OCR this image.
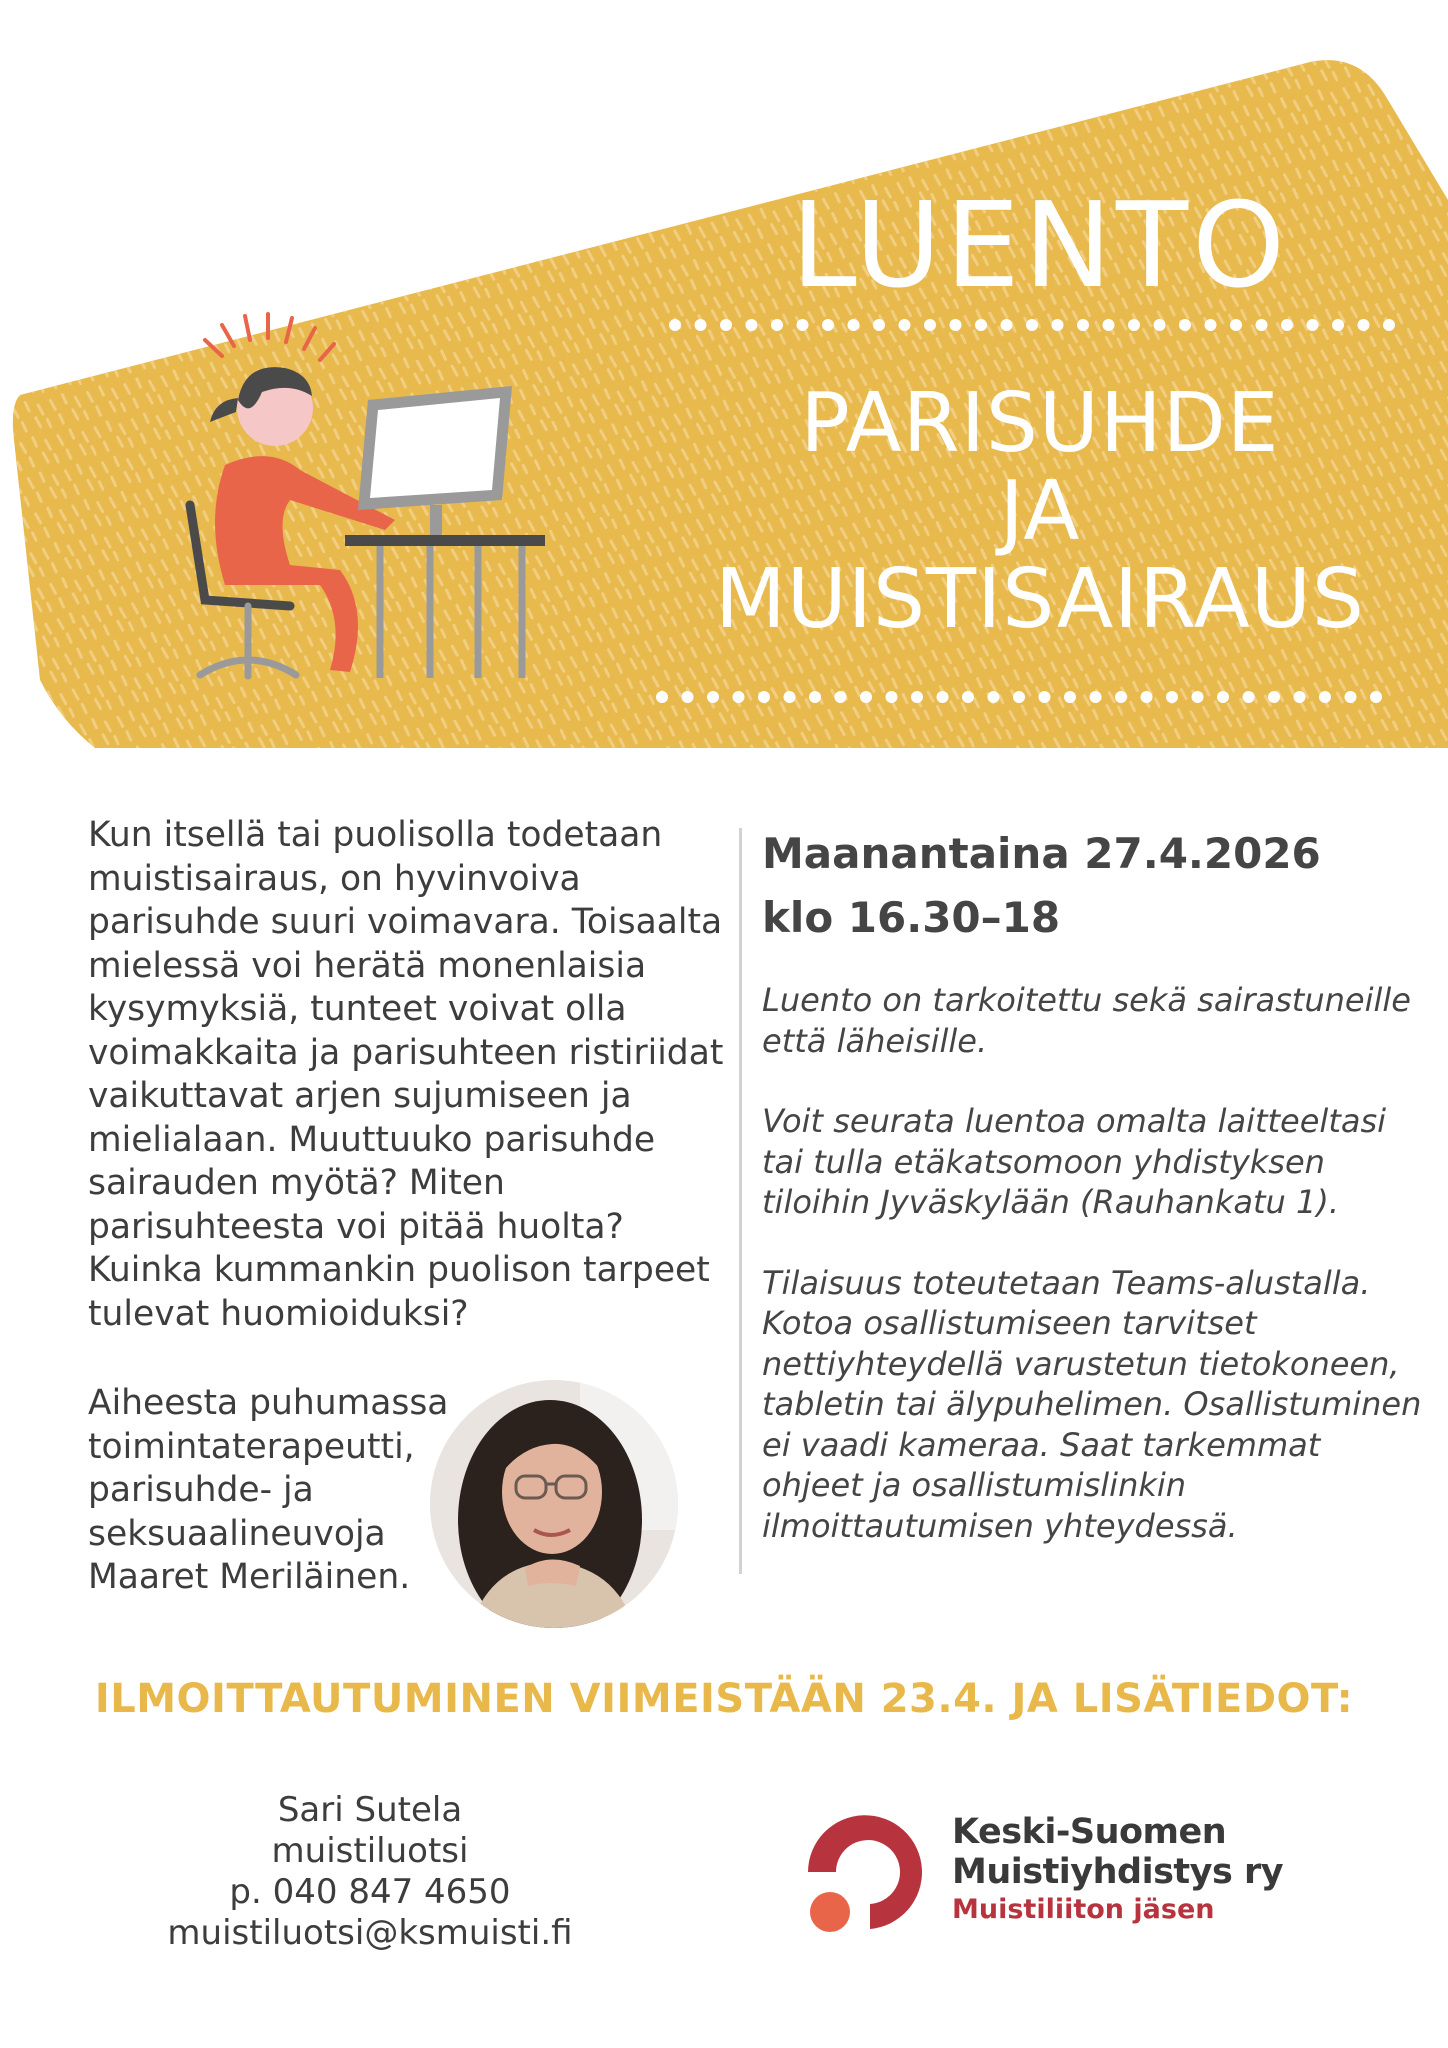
LUENTO
PARISUHDE
JA
MUISTISAIRAUS
Kun itsellä tai puolisolla todetaan muistisairaus, on hyvinvoiva parisuhde suuri voimavara. Toisaalta mielessä voi herätä monenlaisia kysymyksiä, tunteet voivat olla voimakkaita ja parisuhteen ristiriidat vaikuttavat arjen sujumiseen ja mielialaan. Muuttuuko parisuhde sairauden myötä? Miten parisuhteesta voi pitää huolta? Kuinka kummankin puolison tarpeet tulevat huomioiduksi?
Aiheesta puhumassa
toimintaterapeutti,
parisuhde- ja
seksuaalineuvoja
Maaret Meriläinen.
Maanantaina 27.4.2026
klo 16.30–18

Luento on tarkoitettu sekä sairastuneille että läheisille.

Voit seurata luentoa omalta laitteeltasi tai tulla etäkatsomoon yhdistyksen tiloihin Jyväskylään (Rauhankatu 1).

Tilaisuus toteutetaan Teams-alustalla. Kotoa osallistumiseen tarvitset nettiyhteydellä varustetun tietokoneen, tabletin tai älypuhelimen. Osallistuminen ei vaadi kameraa. Saat tarkemmat ohjeet ja osallistumislinkin ilmoittautumisen yhteydessä.

ILMOITTAUTUMINEN VIIMEISTÄÄN 23.4. JA LISÄTIEDOT:
Sari Sutela
muistiluotsi
p. 040 847 4650
muistiluotsi@ksmuisti.fi
Keski-Suomen
Muistiyhdistys ry
Muistiliiton jäsen
